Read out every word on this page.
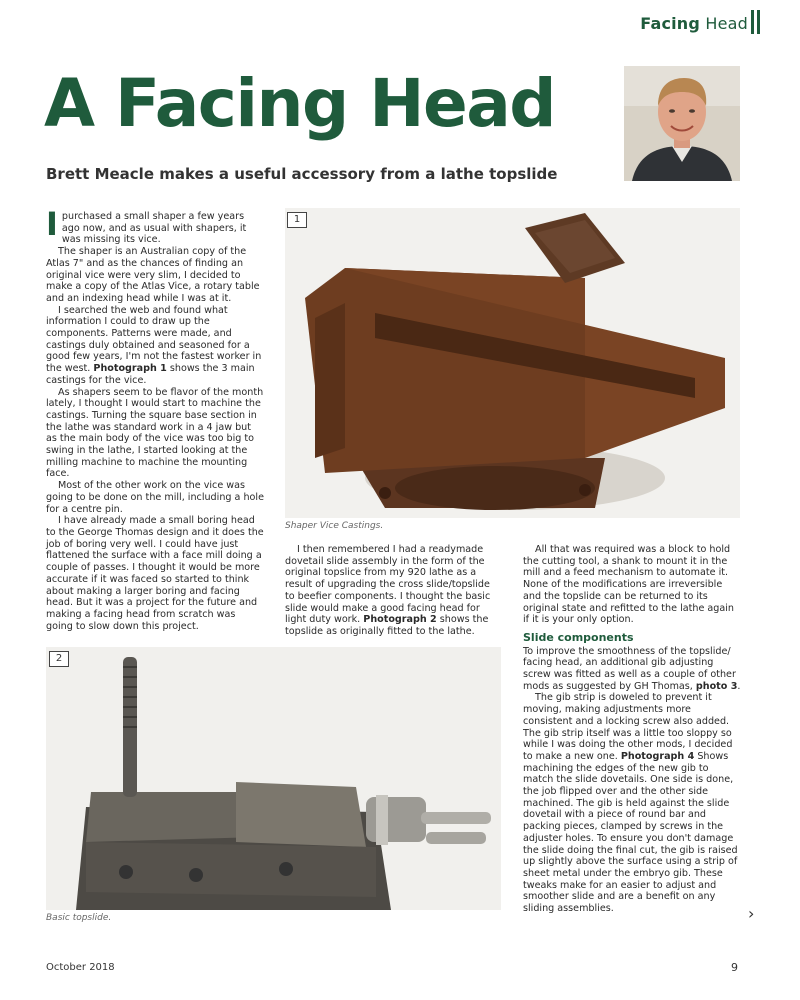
Facing Head
A Facing Head
Brett Meacle makes a useful accessory from a lathe topslide

I purchased a small shaper a few years ago now, and as usual with shapers, it was missing its vice.

The shaper is an Australian copy of the Atlas 7" and as the chances of finding an original vice were very slim, I decided to make a copy of the Atlas Vice, a rotary table and an indexing head while I was at it.

I searched the web and found what information I could to draw up the components. Patterns were made, and castings duly obtained and seasoned for a good few years, I'm not the fastest worker in the west. Photograph 1 shows the 3 main castings for the vice.

As shapers seem to be flavor of the month lately, I thought I would start to machine the castings. Turning the square base section in the lathe was standard work in a 4 jaw but as the main body of the vice was too big to swing in the lathe, I started looking at the milling machine to machine the mounting face.

Most of the other work on the vice was going to be done on the mill, including a hole for a centre pin.

I have already made a small boring head to the George Thomas design and it does the job of boring very well. I could have just flattened the surface with a face mill doing a couple of passes. I thought it would be more accurate if it was faced so started to think about making a larger boring and facing head. But it was a project for the future and making a facing head from scratch was going to slow down this project.

1
Shaper Vice Castings.

I then remembered I had a readymade dovetail slide assembly in the form of the original topslice from my 920 lathe as a result of upgrading the cross slide/topslide to beefier components. I thought the basic slide would make a good facing head for light duty work. Photograph 2 shows the topslide as originally fitted to the lathe.

All that was required was a block to hold the cutting tool, a shank to mount it in the mill and a feed mechanism to automate it. None of the modifications are irreversible and the topslide can be returned to its original state and refitted to the lathe again if it is your only option.

Slide components

To improve the smoothness of the topslide/ facing head, an additional gib adjusting screw was fitted as well as a couple of other mods as suggested by GH Thomas, photo 3.

The gib strip is doweled to prevent it moving, making adjustments more consistent and a locking screw also added. The gib strip itself was a little too sloppy so while I was doing the other mods, I decided to make a new one. Photograph 4 Shows machining the edges of the new gib to match the slide dovetails. One side is done, the job flipped over and the other side machined. The gib is held against the slide dovetail with a piece of round bar and packing pieces, clamped by screws in the adjuster holes. To ensure you don't damage the slide doing the final cut, the gib is raised up slightly above the surface using a strip of sheet metal under the embryo gib. These tweaks make for an easier to adjust and smoother slide and are a benefit on any sliding assemblies.

2
Basic topslide.	›
October 2018	9
